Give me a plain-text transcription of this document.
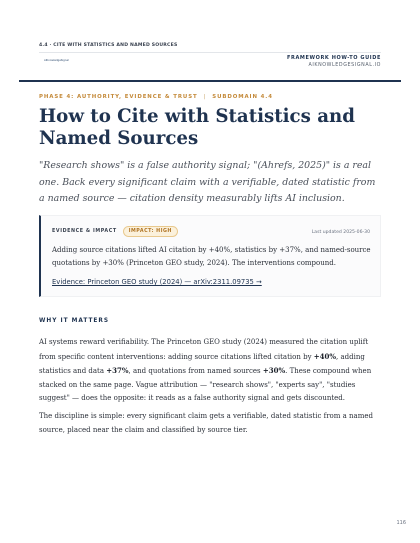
4.4 · CITE WITH STATISTICS AND NAMED SOURCES
AIKnowledgeSignal	FRAMEWORK HOW-TO GUIDE
AIKNOWLEDGESIGNAL.IO
PHASE 4: AUTHORITY, EVIDENCE & TRUST | SUBDOMAIN 4.4
How to Cite with Statistics and Named Sources

"Research shows" is a false authority signal; "(Ahrefs, 2025)" is a real one. Back every significant claim with a verifiable, dated statistic from a named source — citation density measurably lifts AI inclusion.

EVIDENCE & IMPACT	IMPACT: HIGH	Last updated 2025-06-30

Adding source citations lifted AI citation by +40%, statistics by +37%, and named-source quotations by +30% (Princeton GEO study, 2024). The interventions compound.

Evidence: Princeton GEO study (2024) — arXiv:2311.09735 →
WHY IT MATTERS

AI systems reward verifiability. The Princeton GEO study (2024) measured the citation uplift from specific content interventions: adding source citations lifted citation by +40%, adding statistics and data +37%, and quotations from named sources +30%. These compound when stacked on the same page. Vague attribution — "research shows", "experts say", "studies suggest" — does the opposite: it reads as a false authority signal and gets discounted.

The discipline is simple: every significant claim gets a verifiable, dated statistic from a named source, placed near the claim and classified by source tier.

116
